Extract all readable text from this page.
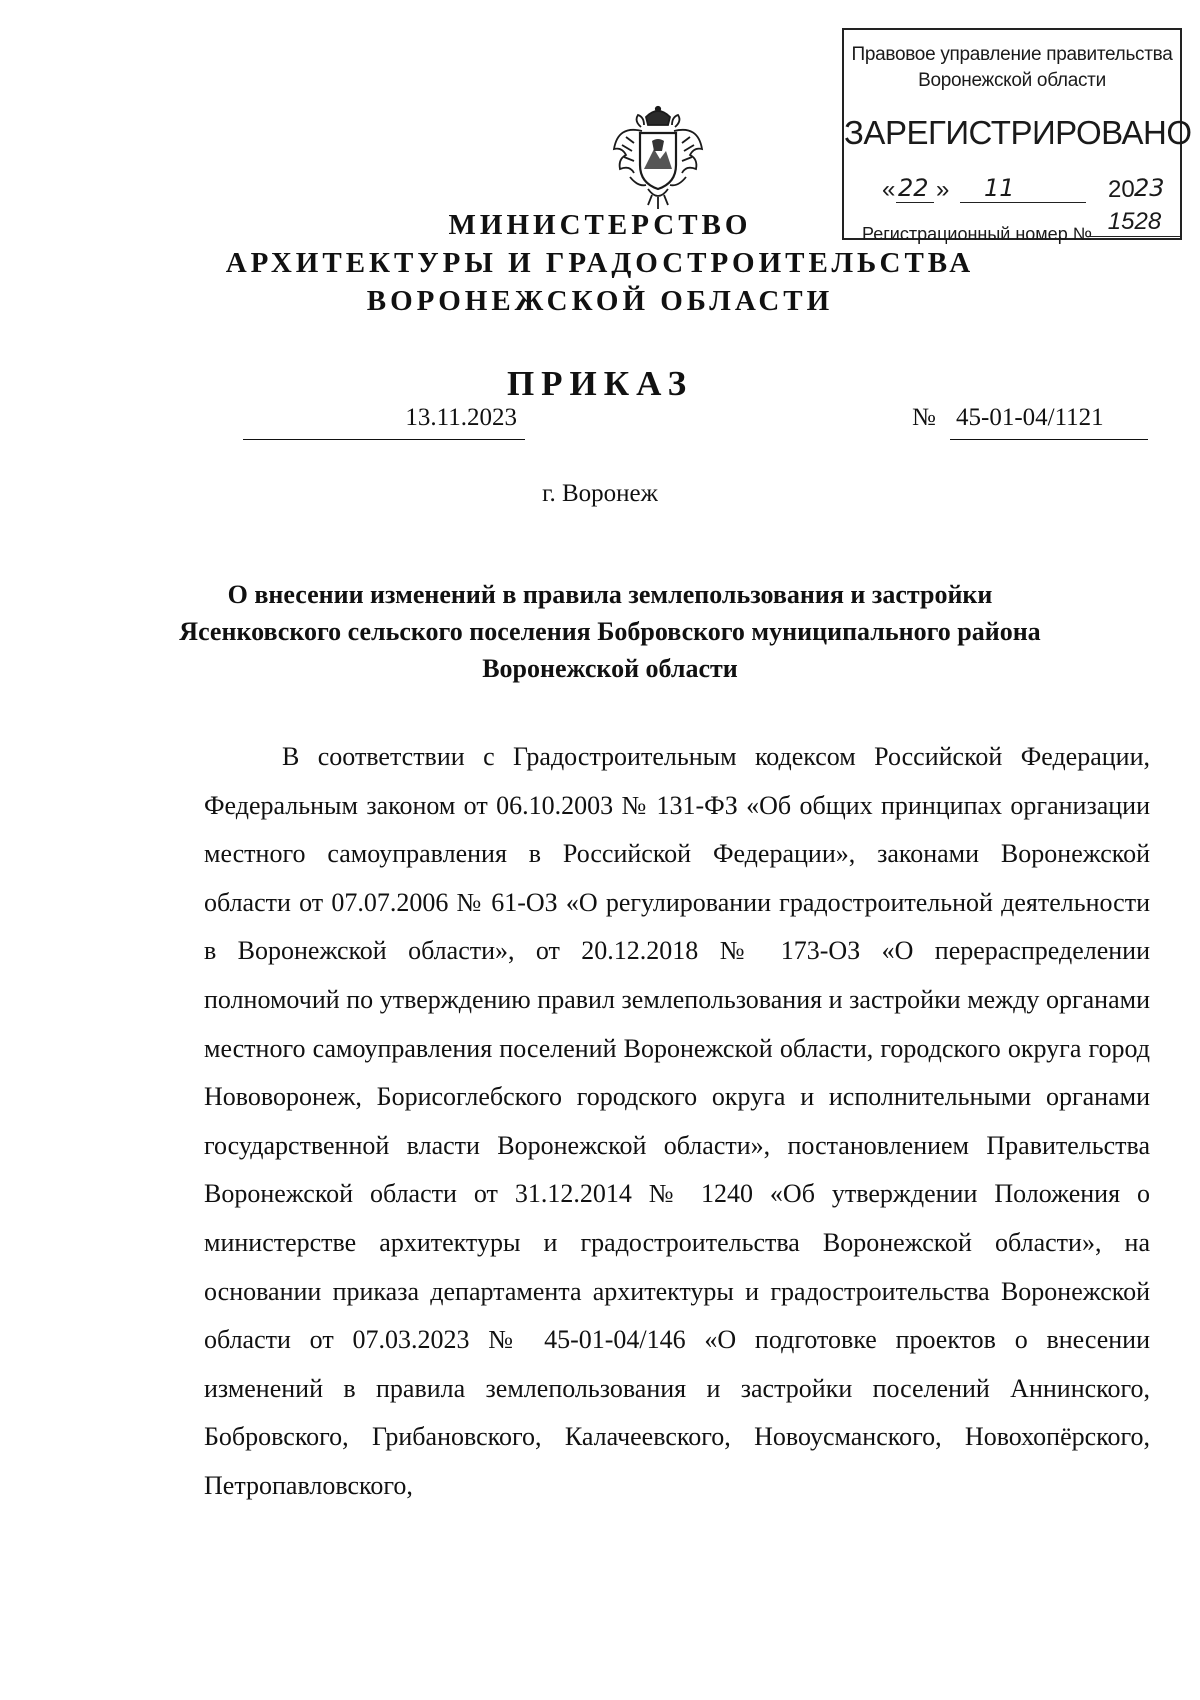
Правовое управление правительства
Воронежской области
ЗАРЕГИСТРИРОВАНО
« 22 » 11	20 23
Регистрационный номер № 1528
МИНИСТЕРСТВО
АРХИТЕКТУРЫ И ГРАДОСТРОИТЕЛЬСТВА
ВОРОНЕЖСКОЙ ОБЛАСТИ
ПРИКАЗ
13.11.2023	№ 45-01-04/1121
г. Воронеж
О внесении изменений в правила землепользования и застройки Ясенковского сельского поселения Бобровского муниципального района Воронежской области

В соответствии с Градостроительным кодексом Российской Федерации, Федеральным законом от 06.10.2003 № 131-ФЗ «Об общих принципах организации местного самоуправления в Российской Федерации», законами Воронежской области от 07.07.2006 № 61-ОЗ «О регулировании градостроительной деятельности в Воронежской области», от 20.12.2018 № 173-ОЗ «О перераспределении полномочий по утверждению правил землепользования и застройки между органами местного самоуправления поселений Воронежской области, городского округа город Нововоронеж, Борисоглебского городского округа и исполнительными органами государственной власти Воронежской области», постановлением Правительства Воронежской области от 31.12.2014 № 1240 «Об утверждении Положения о министерстве архитектуры и градостроительства Воронежской области», на основании приказа департамента архитектуры и градостроительства Воронежской области от 07.03.2023 № 45-01-04/146 «О подготовке проектов о внесении изменений в правила землепользования и застройки поселений Аннинского, Бобровского, Грибановского, Калачеевского, Новоусманского, Новохопёрского, Петропавловского,
